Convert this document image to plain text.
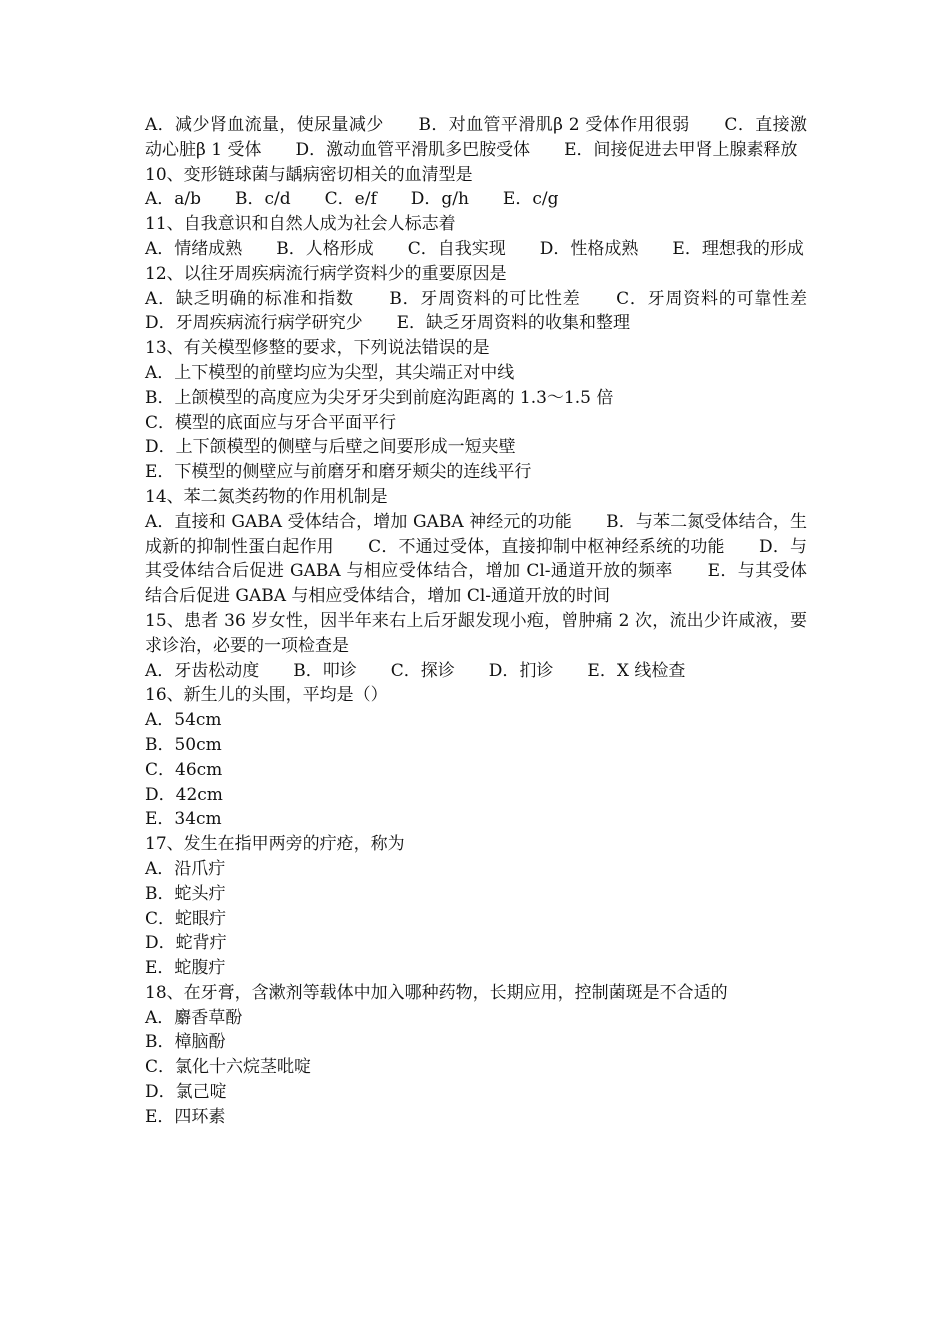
A．减少肾血流量，使尿量减少　　B．对血管平滑肌β 2 受体作用很弱　　C．直接激动心脏β 1 受体　　D．激动血管平滑肌多巴胺受体　　E．间接促进去甲肾上腺素释放

10、变形链球菌与龋病密切相关的血清型是

A．a/b　　B．c/d　　C．e/f　　D．g/h　　E．c/g

11、自我意识和自然人成为社会人标志着

A．情绪成熟　　B．人格形成　　C．自我实现　　D．性格成熟　　E．理想我的形成

12、以往牙周疾病流行病学资料少的重要原因是

A．缺乏明确的标准和指数　　B．牙周资料的可比性差　　C．牙周资料的可靠性差　　D．牙周疾病流行病学研究少　　E．缺乏牙周资料的收集和整理

13、有关模型修整的要求，下列说法错误的是

A．上下模型的前壁均应为尖型，其尖端正对中线

B．上颌模型的高度应为尖牙牙尖到前庭沟距离的 1.3～1.5 倍

C．模型的底面应与牙合平面平行

D．上下颌模型的侧壁与后壁之间要形成一短夹壁

E．下模型的侧壁应与前磨牙和磨牙颊尖的连线平行

14、苯二氮类药物的作用机制是

A．直接和 GABA 受体结合，增加 GABA 神经元的功能　　B．与苯二氮受体结合，生成新的抑制性蛋白起作用　　C．不通过受体，直接抑制中枢神经系统的功能　　D．与其受体结合后促进 GABA 与相应受体结合，增加 Cl-通道开放的频率　　E．与其受体结合后促进 GABA 与相应受体结合，增加 Cl-通道开放的时间

15、患者 36 岁女性，因半年来右上后牙龈发现小疱，曾肿痛 2 次，流出少许咸液，要求诊治，必要的一项检查是

A．牙齿松动度　　B．叩诊　　C．探诊　　D．扪诊　　E．X 线检查

16、新生儿的头围，平均是（）

A．54cm

B．50cm

C．46cm

D．42cm

E．34cm

17、发生在指甲两旁的疔疮，称为

A．沿爪疔

B．蛇头疔

C．蛇眼疔

D．蛇背疔

E．蛇腹疔

18、在牙膏，含漱剂等载体中加入哪种药物，长期应用，控制菌斑是不合适的

A．麝香草酚

B．樟脑酚

C．氯化十六烷茎吡啶

D．氯己啶

E．四环素
